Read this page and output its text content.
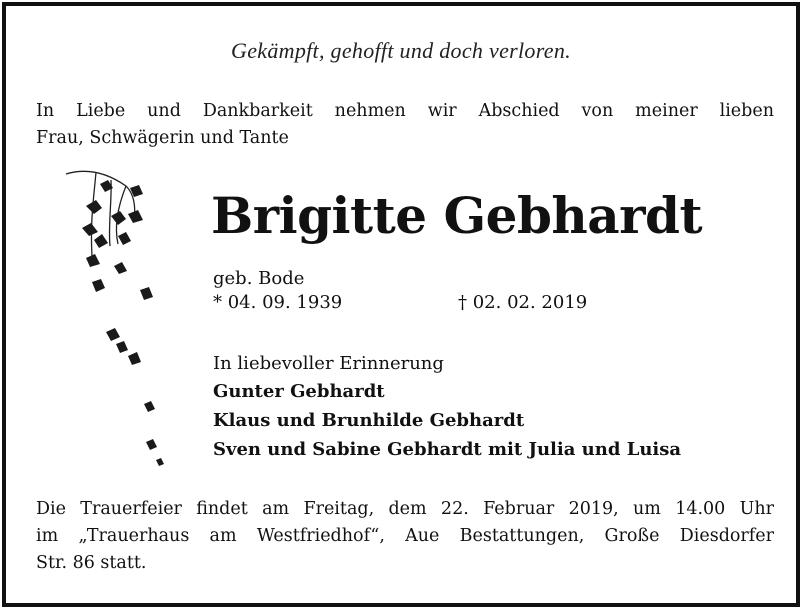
Gekämpft, gehofft und doch verloren.
In Liebe und Dankbarkeit nehmen wir Abschied von meiner lieben
Frau, Schwägerin und Tante
Brigitte Gebhardt
geb. Bode
* 04. 09. 1939	† 02. 02. 2019
In liebevoller Erinnerung
Gunter Gebhardt
Klaus und Brunhilde Gebhardt
Sven und Sabine Gebhardt mit Julia und Luisa
Die Trauerfeier findet am Freitag, dem 22. Februar 2019, um 14.00 Uhr
im „Trauerhaus am Westfriedhof“, Aue Bestattungen, Große Diesdorfer
Str. 86 statt.
